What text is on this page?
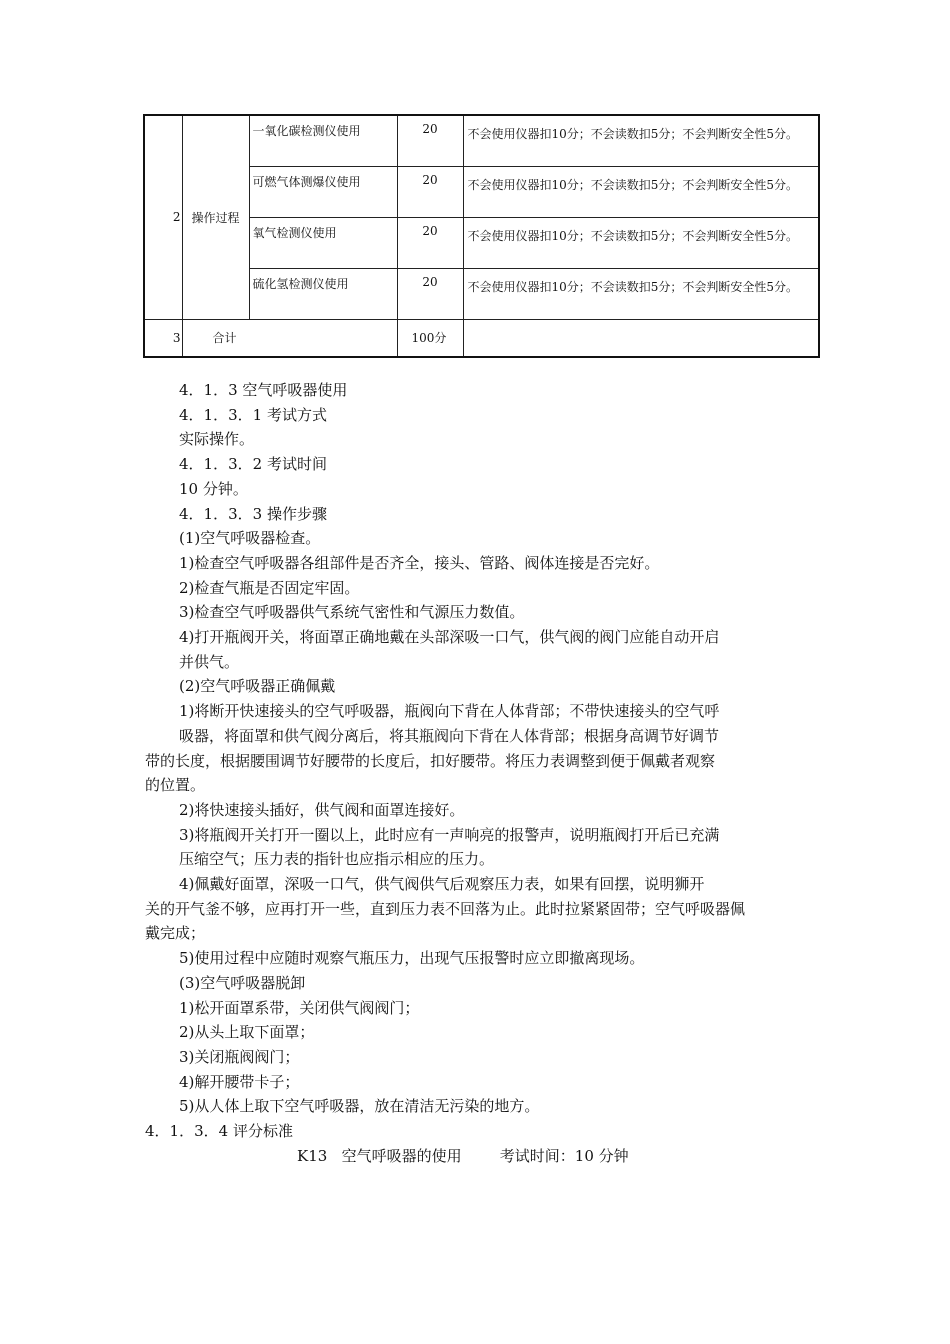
2	操作过程	一氧化碳检测仪使用	20	不会使用仪器扣10分；不会读数扣5分；不会判断安全性5分。
		可燃气体测爆仪使用	20	不会使用仪器扣10分；不会读数扣5分；不会判断安全性5分。
		氧气检测仪使用	20	不会使用仪器扣10分；不会读数扣5分；不会判断安全性5分。
		硫化氢检测仪使用	20	不会使用仪器扣10分；不会读数扣5分；不会判断安全性5分。
3	合计		100分	

4．1．3 空气呼吸器使用

4．1．3．1 考试方式

实际操作。

4．1．3．2 考试时间

10 分钟。

4．1．3．3 操作步骤

(1)空气呼吸器检查。

1)检查空气呼吸器各组部件是否齐全，接头、管路、阀体连接是否完好。

2)检查气瓶是否固定牢固。

3)检查空气呼吸器供气系统气密性和气源压力数值。

4)打开瓶阀开关，将面罩正确地戴在头部深吸一口气，供气阀的阀门应能自动开启

并供气。

(2)空气呼吸器正确佩戴

1)将断开快速接头的空气呼吸器，瓶阀向下背在人体背部；不带快速接头的空气呼

吸器，将面罩和供气阀分离后，将其瓶阀向下背在人体背部；根据身高调节好调节

带的长度，根据腰围调节好腰带的长度后，扣好腰带。将压力表调整到便于佩戴者观察

的位置。

2)将快速接头插好，供气阀和面罩连接好。

3)将瓶阀开关打开一圈以上，此时应有一声响亮的报警声，说明瓶阀打开后已充满

压缩空气；压力表的指针也应指示相应的压力。

4)佩戴好面罩，深吸一口气，供气阀供气后观察压力表，如果有回摆，说明狮开

关的开气釜不够，应再打开一些，直到压力表不回落为止。此时拉紧紧固带；空气呼吸器佩

戴完成；

5)使用过程中应随时观察气瓶压力，出现气压报警时应立即撤离现场。

(3)空气呼吸器脱卸

1)松开面罩系带，关闭供气阀阀门；

2)从头上取下面罩；

3)关闭瓶阀阀门；

4)解开腰带卡子；

5)从人体上取下空气呼吸器，放在清洁无污染的地方。

4．1．3．4 评分标准

K13 空气呼吸器的使用	考试时间：10 分钟
